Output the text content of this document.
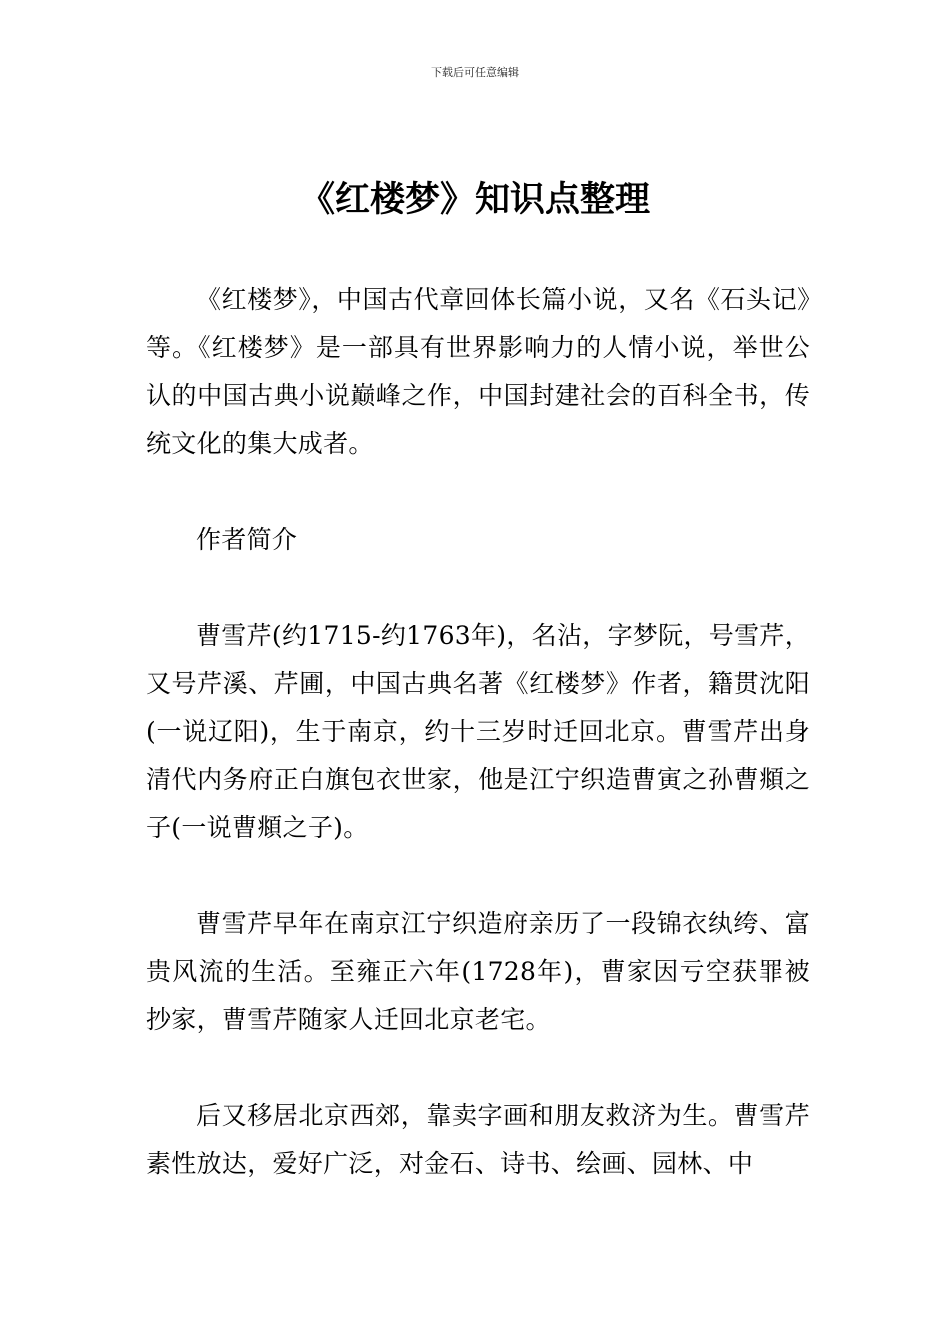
下载后可任意编辑
《红楼梦》知识点整理

《红楼梦》，中国古代章回体长篇小说，又名《石头记》等。《红楼梦》是一部具有世界影响力的人情小说，举世公认的中国古典小说巅峰之作，中国封建社会的百科全书，传统文化的集大成者。

作者简介

曹雪芹(约1715-约1763年)，名沾，字梦阮，号雪芹，又号芹溪、芹圃，中国古典名著《红楼梦》作者，籍贯沈阳(一说辽阳)，生于南京，约十三岁时迁回北京。曹雪芹出身清代内务府正白旗包衣世家，他是江宁织造曹寅之孙曹頫之子(一说曹頫之子)。

曹雪芹早年在南京江宁织造府亲历了一段锦衣纨绔、富贵风流的生活。至雍正六年(1728年)，曹家因亏空获罪被抄家，曹雪芹随家人迁回北京老宅。

后又移居北京西郊，靠卖字画和朋友救济为生。曹雪芹素性放达，爱好广泛，对金石、诗书、绘画、园林、中
